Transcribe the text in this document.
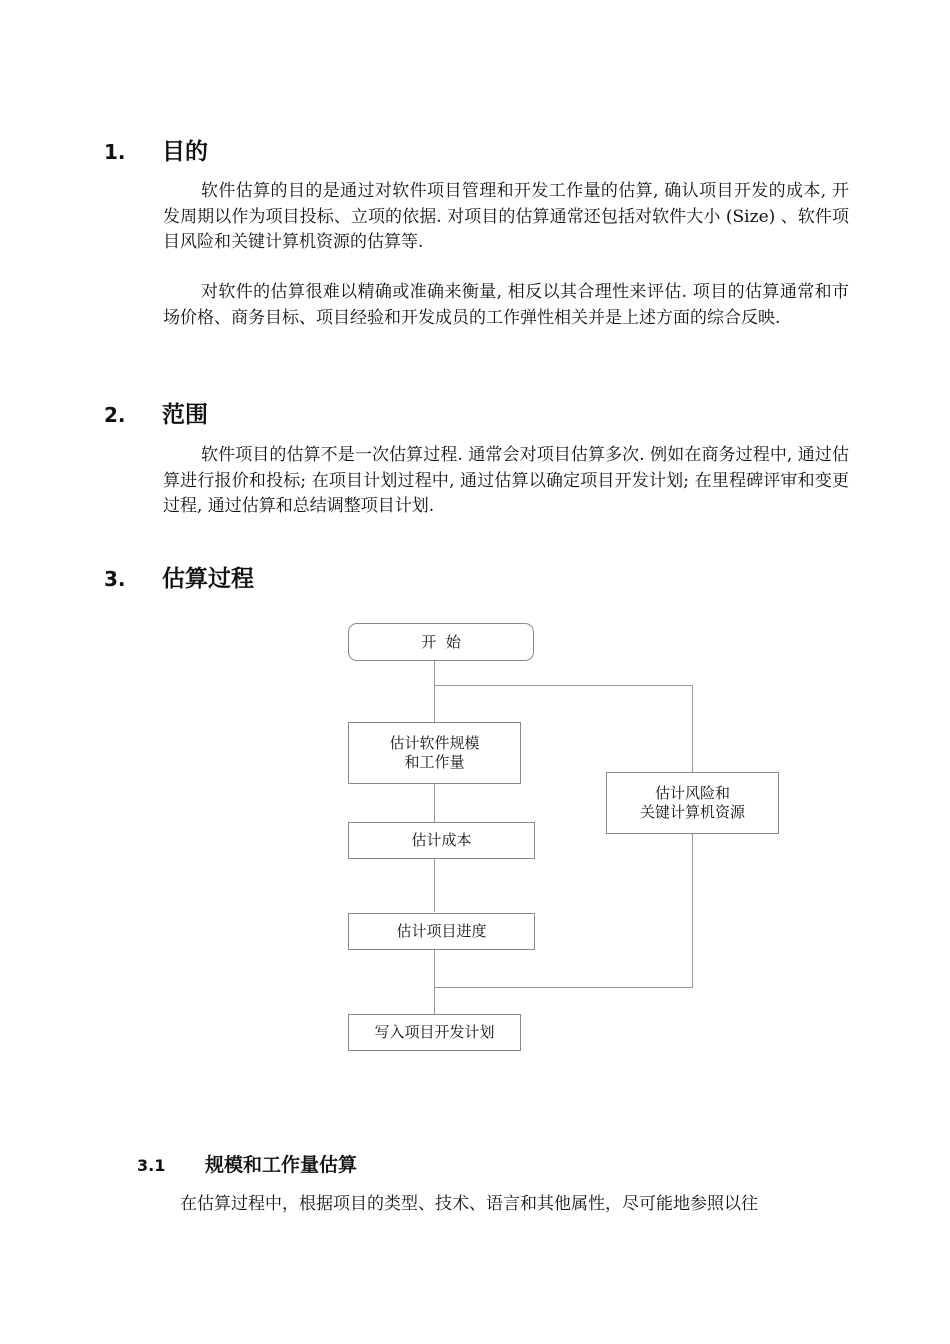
1. 目的
软件估算的目的是通过对软件项目管理和开发工作量的估算, 确认项目开发的成本, 开发周期以作为项目投标、立项的依据. 对项目的估算通常还包括对软件大小 (Size) 、软件项目风险和关键计算机资源的估算等.
对软件的估算很难以精确或准确来衡量, 相反以其合理性来评估. 项目的估算通常和市场价格、商务目标、项目经验和开发成员的工作弹性相关并是上述方面的综合反映.
2. 范围
软件项目的估算不是一次估算过程. 通常会对项目估算多次. 例如在商务过程中, 通过估算进行报价和投标; 在项目计划过程中, 通过估算以确定项目开发计划; 在里程碑评审和变更过程, 通过估算和总结调整项目计划.
3. 估算过程
开  始
估计软件规模
和工作量
估计成本
估计项目进度
写入项目开发计划
估计风险和
关键计算机资源
3.1 规模和工作量估算
在估算过程中，根据项目的类型、技术、语言和其他属性，尽可能地参照以往
